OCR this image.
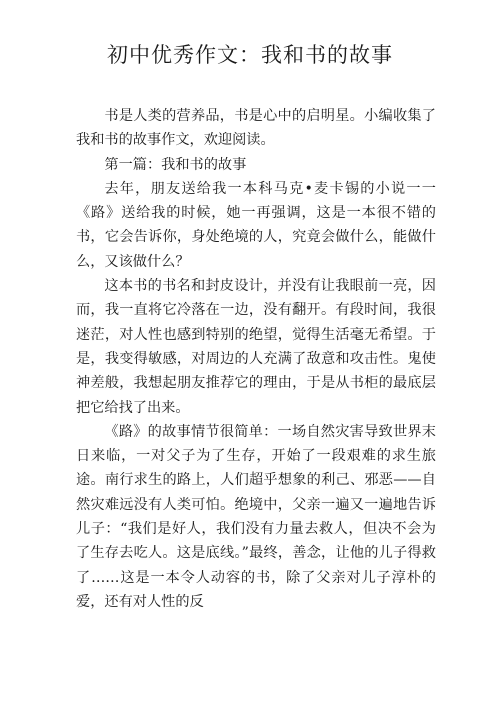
初中优秀作文：我和书的故事

书是人类的营养品，书是心中的启明星。小编收集了我和书的故事作文，欢迎阅读。

第一篇：我和书的故事

去年，朋友送给我一本科马克•麦卡锡的小说一一《路》送给我的时候，她一再强调，这是一本很不错的书，它会告诉你，身处绝境的人，究竟会做什么，能做什么，又该做什么？

这本书的书名和封皮设计，并没有让我眼前一亮，因而，我一直将它冷落在一边，没有翻开。有段时间，我很迷茫，对人性也感到特别的绝望，觉得生活毫无希望。于是，我变得敏感，对周边的人充满了敌意和攻击性。鬼使神差般，我想起朋友推荐它的理由，于是从书柜的最底层把它给找了出来。

《路》的故事情节很简单：一场自然灾害导致世界末日来临，一对父子为了生存，开始了一段艰难的求生旅途。南行求生的路上，人们超乎想象的利己、邪恶——自然灾难远没有人类可怕。绝境中，父亲一遍又一遍地告诉儿子：“我们是好人，我们没有力量去救人，但决不会为了生存去吃人。这是底线。”最终，善念，让他的儿子得救了……这是一本令人动容的书，除了父亲对儿子淳朴的爱，还有对人性的反
